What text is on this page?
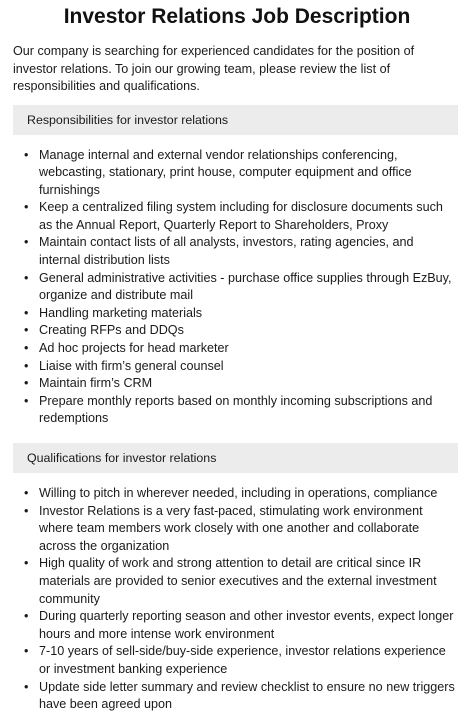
Investor Relations Job Description

Our company is searching for experienced candidates for the position of investor relations. To join our growing team, please review the list of responsibilities and qualifications.

Responsibilities for investor relations
• Manage internal and external vendor relationships conferencing, webcasting, stationary, print house, computer equipment and office furnishings
• Keep a centralized filing system including for disclosure documents such as the Annual Report, Quarterly Report to Shareholders, Proxy
• Maintain contact lists of all analysts, investors, rating agencies, and internal distribution lists
• General administrative activities - purchase office supplies through EzBuy, organize and distribute mail
• Handling marketing materials
• Creating RFPs and DDQs
• Ad hoc projects for head marketer
• Liaise with firm’s general counsel
• Maintain firm’s CRM
• Prepare monthly reports based on monthly incoming subscriptions and redemptions
Qualifications for investor relations
• Willing to pitch in wherever needed, including in operations, compliance
• Investor Relations is a very fast-paced, stimulating work environment where team members work closely with one another and collaborate across the organization
• High quality of work and strong attention to detail are critical since IR materials are provided to senior executives and the external investment community
• During quarterly reporting season and other investor events, expect longer hours and more intense work environment
• 7-10 years of sell-side/buy-side experience, investor relations experience or investment banking experience
• Update side letter summary and review checklist to ensure no new triggers have been agreed upon
